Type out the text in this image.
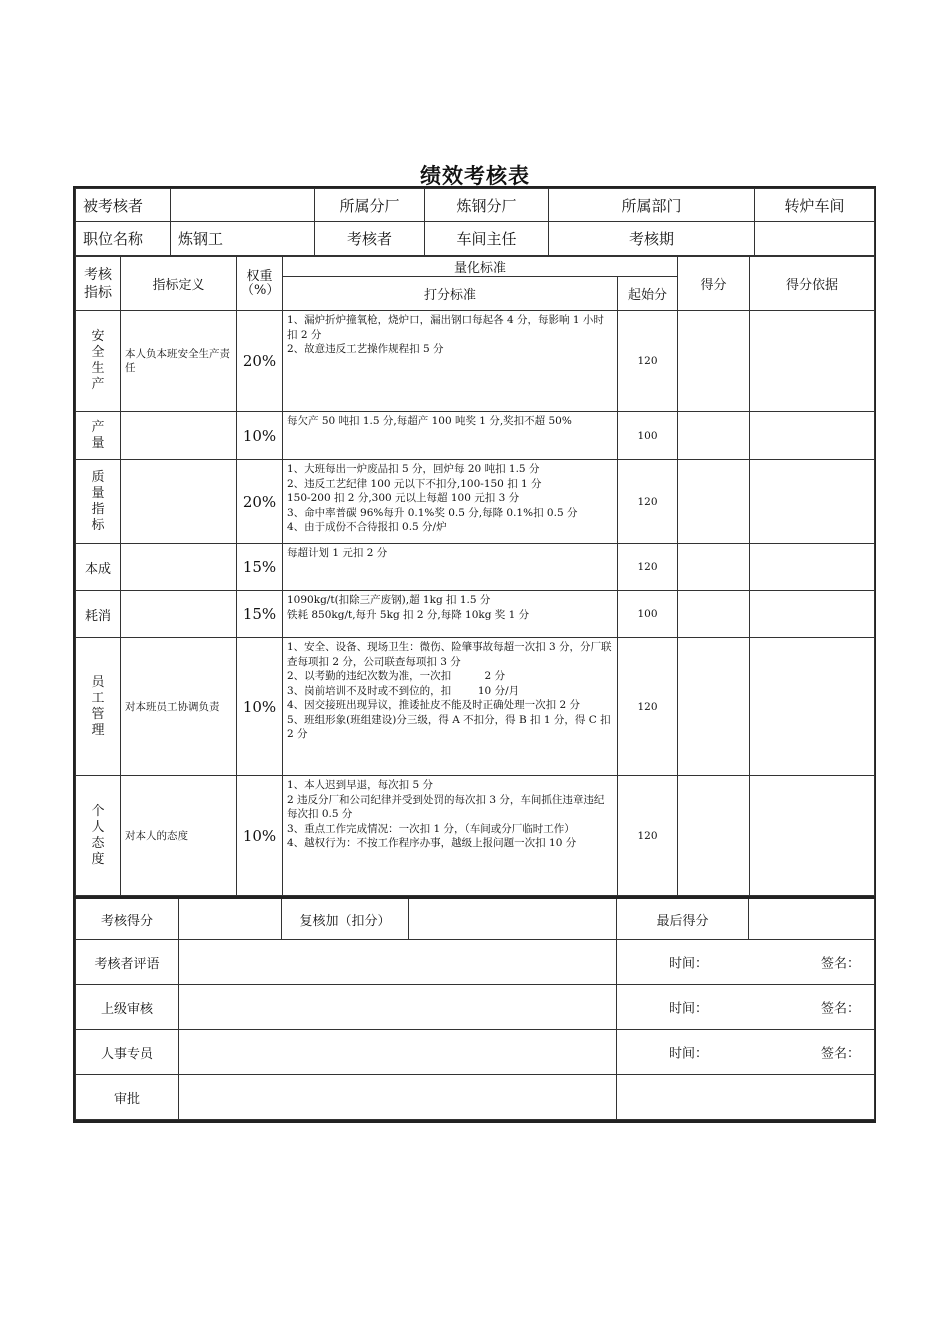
绩效考核表
被考核者		所属分厂	炼钢分厂	所属部门	转炉车间
职位名称	炼钢工	考核者	车间主任	考核期	
考核指标	指标定义	权重（%）	量化标准		得分	得分依据
			打分标准	起始分		

安全生产	本人负本班安全生产责任	20%	1、漏炉折炉撞氧枪，烧炉口，漏出钢口每起各 4 分，每影响 1 小时扣 2 分
2、故意违反工艺操作规程扣 5 分	120		

产量		10%	每欠产 50 吨扣 1.5 分,每超产 100 吨奖 1 分,奖扣不超 50%	100		

质量指标		20%	1、大班每出一炉废品扣 5 分，回炉每 20 吨扣 1.5 分
2、违反工艺纪律 100 元以下不扣分,100-150 扣 1 分
150-200 扣 2 分,300 元以上每超 100 元扣 3 分
3、命中率普碳 96%每升 0.1%奖 0.5 分,每降 0.1%扣 0.5 分
4、由于成份不合待报扣 0.5 分/炉	120		
本成		15%	每超计划 1 元扣 2 分	120		
耗消		15%	1090kg/t(扣除三产废钢),超 1kg 扣 1.5 分
铁耗 850kg/t,每升 5kg 扣 2 分,每降 10kg 奖 1 分	100		

员工管理	对本班员工协调负责	10%	1、安全、设备、现场卫生：微伤、险肇事故每超一次扣 3 分，分厂联查每项扣 2 分，公司联查每项扣 3 分
2、以考勤的违纪次数为准，一次扣          2 分
3、岗前培训不及时或不到位的，扣        10 分/月
4、因交接班出现异议，推诿扯皮不能及时正确处理一次扣 2 分
5、班组形象(班组建设)分三级，得 A 不扣分，得 B 扣 1 分，得 C 扣 2 分	120		

个人态度	对本人的态度	10%	1、本人迟到早退，每次扣 5 分
2 违反分厂和公司纪律并受到处罚的每次扣 3 分，车间抓住违章违纪每次扣 0.5 分
3、重点工作完成情况：一次扣 1 分，（车间或分厂临时工作）
4、越权行为：不按工作程序办事，越级上报问题一次扣 10 分	120		
考核得分		复核加（扣分）		最后得分	
考核者评语				时间： 签名：	

上级审核				时间： 签名：	

人事专员				时间： 签名：	

审批					
